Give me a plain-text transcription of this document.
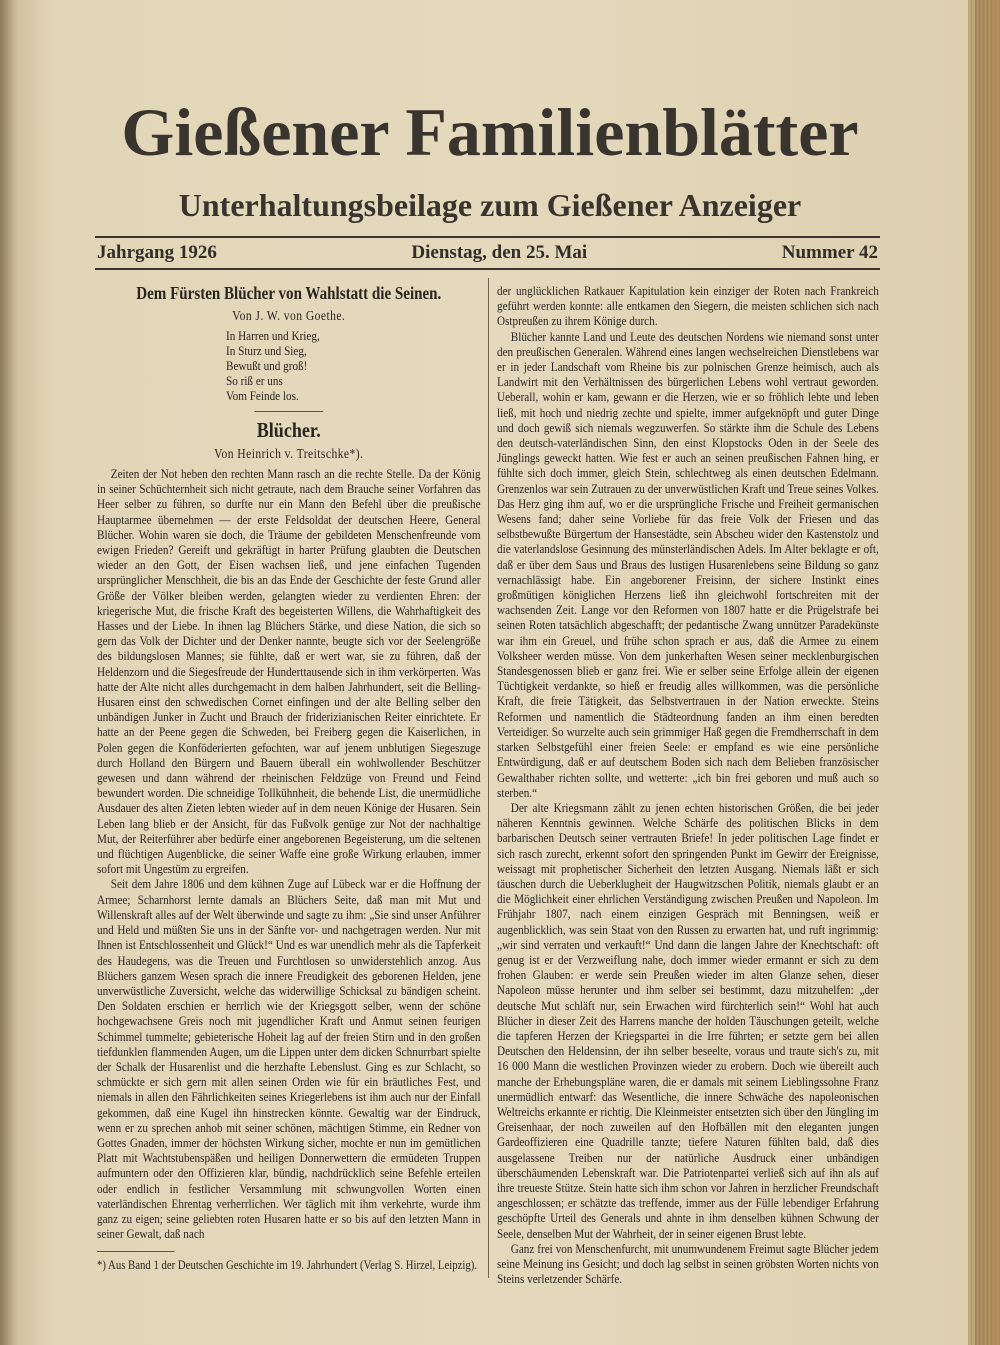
Gießener Familienblätter
Unterhaltungsbeilage zum Gießener Anzeiger
Jahrgang 1926	Dienstag, den 25. Mai	Nummer 42
Dem Fürsten Blücher von Wahlstatt die Seinen.
Von J. W. von Goethe.
In Harren und Krieg,
In Sturz und Sieg,
Bewußt und groß!
So riß er uns
Vom Feinde los.
Blücher.
Von Heinrich v. Treitschke*).

Zeiten der Not heben den rechten Mann rasch an die rechte Stelle. Da der König in seiner Schüchternheit sich nicht getraute, nach dem Brauche seiner Vorfahren das Heer selber zu führen, so durfte nur ein Mann den Befehl über die preußische Hauptarmee übernehmen — der erste Feldsoldat der deutschen Heere, General Blücher. Wohin waren sie doch, die Träume der gebildeten Menschenfreunde vom ewigen Frieden? Gereift und gekräftigt in harter Prüfung glaubten die Deutschen wieder an den Gott, der Eisen wachsen ließ, und jene einfachen Tugenden ursprünglicher Menschheit, die bis an das Ende der Geschichte der feste Grund aller Größe der Völker bleiben werden, gelangten wieder zu verdienten Ehren: der kriegerische Mut, die frische Kraft des begeisterten Willens, die Wahrhaftigkeit des Hasses und der Liebe. In ihnen lag Blüchers Stärke, und diese Nation, die sich so gern das Volk der Dichter und der Denker nannte, beugte sich vor der Seelengröße des bildungslosen Mannes; sie fühlte, daß er wert war, sie zu führen, daß der Heldenzorn und die Siegesfreude der Hunderttausende sich in ihm verkörperten. Was hatte der Alte nicht alles durchgemacht in dem halben Jahrhundert, seit die Belling-Husaren einst den schwedischen Cornet einfingen und der alte Belling selber den unbändigen Junker in Zucht und Brauch der friderizianischen Reiter einrichtete. Er hatte an der Peene gegen die Schweden, bei Freiberg gegen die Kaiserlichen, in Polen gegen die Konföderierten gefochten, war auf jenem unblutigen Siegeszuge durch Holland den Bürgern und Bauern überall ein wohlwollender Beschützer gewesen und dann während der rheinischen Feldzüge von Freund und Feind bewundert worden. Die schneidige Tollkühnheit, die behende List, die unermüdliche Ausdauer des alten Zieten lebten wieder auf in dem neuen Könige der Husaren. Sein Leben lang blieb er der Ansicht, für das Fußvolk genüge zur Not der nachhaltige Mut, der Reiterführer aber bedürfe einer angeborenen Begeisterung, um die seltenen und flüchtigen Augenblicke, die seiner Waffe eine große Wirkung erlauben, immer sofort mit Ungestüm zu ergreifen.

Seit dem Jahre 1806 und dem kühnen Zuge auf Lübeck war er die Hoffnung der Armee; Scharnhorst lernte damals an Blüchers Seite, daß man mit Mut und Willenskraft alles auf der Welt überwinde und sagte zu ihm: „Sie sind unser Anführer und Held und müßten Sie uns in der Sänfte vor- und nachgetragen werden. Nur mit Ihnen ist Entschlossenheit und Glück!“ Und es war unendlich mehr als die Tapferkeit des Haudegens, was die Treuen und Furchtlosen so unwiderstehlich anzog. Aus Blüchers ganzem Wesen sprach die innere Freudigkeit des geborenen Helden, jene unverwüstliche Zuversicht, welche das widerwillige Schicksal zu bändigen scheint. Den Soldaten erschien er herrlich wie der Kriegsgott selber, wenn der schöne hochgewachsene Greis noch mit jugendlicher Kraft und Anmut seinen feurigen Schimmel tummelte; gebieterische Hoheit lag auf der freien Stirn und in den großen tiefdunklen flammenden Augen, um die Lippen unter dem dicken Schnurrbart spielte der Schalk der Husarenlist und die herzhafte Lebenslust. Ging es zur Schlacht, so schmückte er sich gern mit allen seinen Orden wie für ein bräutliches Fest, und niemals in allen den Fährlichkeiten seines Kriegerlebens ist ihm auch nur der Einfall gekommen, daß eine Kugel ihn hinstrecken könnte. Gewaltig war der Eindruck, wenn er zu sprechen anhob mit seiner schönen, mächtigen Stimme, ein Redner von Gottes Gnaden, immer der höchsten Wirkung sicher, mochte er nun im gemütlichen Platt mit Wachtstubenspäßen und heiligen Donnerwettern die ermüdeten Truppen aufmuntern oder den Offizieren klar, bündig, nachdrücklich seine Befehle erteilen oder endlich in festlicher Versammlung mit schwungvollen Worten einen vaterländischen Ehrentag verherrlichen. Wer täglich mit ihm verkehrte, wurde ihm ganz zu eigen; seine geliebten roten Husaren hatte er so bis auf den letzten Mann in seiner Gewalt, daß nach

*) Aus Band 1 der Deutschen Geschichte im 19. Jahrhundert (Verlag S. Hirzel, Leipzig).

der unglücklichen Ratkauer Kapitulation kein einziger der Roten nach Frankreich geführt werden konnte: alle entkamen den Siegern, die meisten schlichen sich nach Ostpreußen zu ihrem Könige durch.

Blücher kannte Land und Leute des deutschen Nordens wie niemand sonst unter den preußischen Generalen. Während eines langen wechselreichen Dienstlebens war er in jeder Landschaft vom Rheine bis zur polnischen Grenze heimisch, auch als Landwirt mit den Verhältnissen des bürgerlichen Lebens wohl vertraut geworden. Ueberall, wohin er kam, gewann er die Herzen, wie er so fröhlich lebte und leben ließ, mit hoch und niedrig zechte und spielte, immer aufgeknöpft und guter Dinge und doch gewiß sich niemals wegzuwerfen. So stärkte ihm die Schule des Lebens den deutsch-vaterländischen Sinn, den einst Klopstocks Oden in der Seele des Jünglings geweckt hatten. Wie fest er auch an seinen preußischen Fahnen hing, er fühlte sich doch immer, gleich Stein, schlechtweg als einen deutschen Edelmann. Grenzenlos war sein Zutrauen zu der unverwüstlichen Kraft und Treue seines Volkes. Das Herz ging ihm auf, wo er die ursprüngliche Frische und Freiheit germanischen Wesens fand; daher seine Vorliebe für das freie Volk der Friesen und das selbstbewußte Bürgertum der Hansestädte, sein Abscheu wider den Kastenstolz und die vaterlandslose Gesinnung des münsterländischen Adels. Im Alter beklagte er oft, daß er über dem Saus und Braus des lustigen Husarenlebens seine Bildung so ganz vernachlässigt habe. Ein angeborener Freisinn, der sichere Instinkt eines großmütigen königlichen Herzens ließ ihn gleichwohl fortschreiten mit der wachsenden Zeit. Lange vor den Reformen von 1807 hatte er die Prügelstrafe bei seinen Roten tatsächlich abgeschafft; der pedantische Zwang unnützer Paradekünste war ihm ein Greuel, und frühe schon sprach er aus, daß die Armee zu einem Volksheer werden müsse. Von dem junkerhaften Wesen seiner mecklenburgischen Standesgenossen blieb er ganz frei. Wie er selber seine Erfolge allein der eigenen Tüchtigkeit verdankte, so hieß er freudig alles willkommen, was die persönliche Kraft, die freie Tätigkeit, das Selbstvertrauen in der Nation erweckte. Steins Reformen und namentlich die Städteordnung fanden an ihm einen beredten Verteidiger. So wurzelte auch sein grimmiger Haß gegen die Fremdherrschaft in dem starken Selbstgefühl einer freien Seele: er empfand es wie eine persönliche Entwürdigung, daß er auf deutschem Boden sich nach dem Belieben französischer Gewalthaber richten sollte, und wetterte: „ich bin frei geboren und muß auch so sterben.“

Der alte Kriegsmann zählt zu jenen echten historischen Größen, die bei jeder näheren Kenntnis gewinnen. Welche Schärfe des politischen Blicks in dem barbarischen Deutsch seiner vertrauten Briefe! In jeder politischen Lage findet er sich rasch zurecht, erkennt sofort den springenden Punkt im Gewirr der Ereignisse, weissagt mit prophetischer Sicherheit den letzten Ausgang. Niemals läßt er sich täuschen durch die Ueberklugheit der Haugwitzschen Politik, niemals glaubt er an die Möglichkeit einer ehrlichen Verständigung zwischen Preußen und Napoleon. Im Frühjahr 1807, nach einem einzigen Gespräch mit Benningsen, weiß er augenblicklich, was sein Staat von den Russen zu erwarten hat, und ruft ingrimmig: „wir sind verraten und verkauft!“ Und dann die langen Jahre der Knechtschaft: oft genug ist er der Verzweiflung nahe, doch immer wieder ermannt er sich zu dem frohen Glauben: er werde sein Preußen wieder im alten Glanze sehen, dieser Napoleon müsse herunter und ihm selber sei bestimmt, dazu mitzuhelfen: „der deutsche Mut schläft nur, sein Erwachen wird fürchterlich sein!“ Wohl hat auch Blücher in dieser Zeit des Harrens manche der holden Täuschungen geteilt, welche die tapferen Herzen der Kriegspartei in die Irre führten; er setzte gern bei allen Deutschen den Heldensinn, der ihn selber beseelte, voraus und traute sich's zu, mit 16 000 Mann die westlichen Provinzen wieder zu erobern. Doch wie übereilt auch manche der Erhebungspläne waren, die er damals mit seinem Lieblingssohne Franz unermüdlich entwarf: das Wesentliche, die innere Schwäche des napoleonischen Weltreichs erkannte er richtig. Die Kleinmeister entsetzten sich über den Jüngling im Greisenhaar, der noch zuweilen auf den Hofbällen mit den eleganten jungen Gardeoffizieren eine Quadrille tanzte; tiefere Naturen fühlten bald, daß dies ausgelassene Treiben nur der natürliche Ausdruck einer unbändigen überschäumenden Lebenskraft war. Die Patriotenpartei verließ sich auf ihn als auf ihre treueste Stütze. Stein hatte sich ihm schon vor Jahren in herzlicher Freundschaft angeschlossen; er schätzte das treffende, immer aus der Fülle lebendiger Erfahrung geschöpfte Urteil des Generals und ahnte in ihm denselben kühnen Schwung der Seele, denselben Mut der Wahrheit, der in seiner eigenen Brust lebte.

Ganz frei von Menschenfurcht, mit unumwundenem Freimut sagte Blücher jedem seine Meinung ins Gesicht; und doch lag selbst in seinen gröbsten Worten nichts von Steins verletzender Schärfe.
